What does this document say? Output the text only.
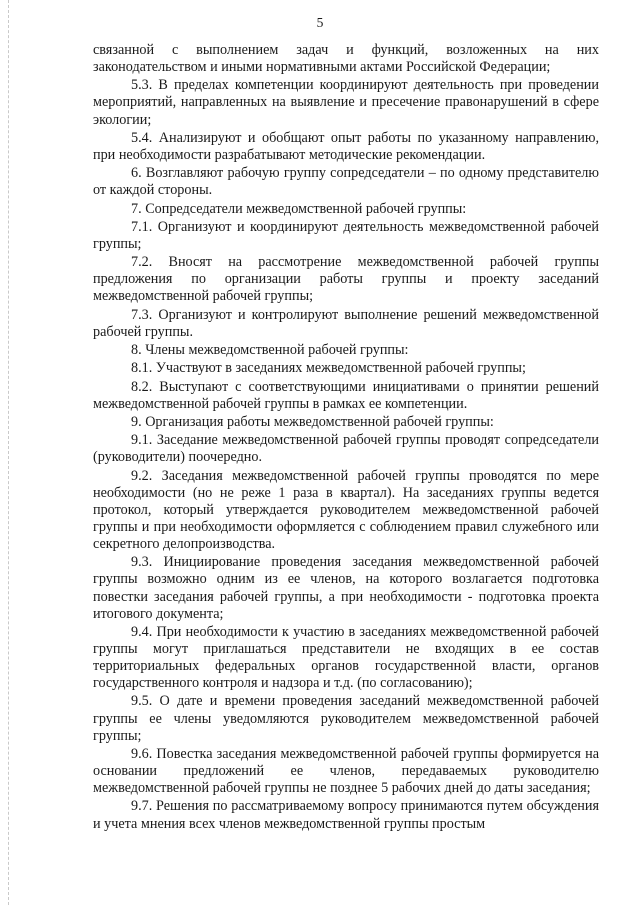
5

связанной с выполнением задач и функций, возложенных на них законодательством и иными нормативными актами Российской Федерации;

5.3. В пределах компетенции координируют деятельность при проведении мероприятий, направленных на выявление и пресечение правонарушений в сфере экологии;

5.4. Анализируют и обобщают опыт работы по указанному направлению, при необходимости разрабатывают методические рекомендации.

6. Возглавляют рабочую группу сопредседатели – по одному представителю от каждой стороны.

7. Сопредседатели межведомственной рабочей группы:

7.1. Организуют и координируют деятельность межведомственной рабочей группы;

7.2. Вносят на рассмотрение межведомственной рабочей группы предложения по организации работы группы и проекту заседаний межведомственной рабочей группы;

7.3. Организуют и контролируют выполнение решений межведомственной рабочей группы.

8. Члены межведомственной рабочей группы:

8.1. Участвуют в заседаниях межведомственной рабочей группы;

8.2. Выступают с соответствующими инициативами о принятии решений межведомственной рабочей группы в рамках ее компетенции.

9. Организация работы межведомственной рабочей группы:

9.1. Заседание межведомственной рабочей группы проводят сопредседатели (руководители) поочередно.

9.2. Заседания межведомственной рабочей группы проводятся по мере необходимости (но не реже 1 раза в квартал). На заседаниях группы ведется протокол, который утверждается руководителем межведомственной рабочей группы и при необходимости оформляется с соблюдением правил служебного или секретного делопроизводства.

9.3. Инициирование проведения заседания межведомственной рабочей группы возможно одним из ее членов, на которого возлагается подготовка повестки заседания рабочей группы, а при необходимости - подготовка проекта итогового документа;

9.4. При необходимости к участию в заседаниях межведомственной рабочей группы могут приглашаться представители не входящих в ее состав территориальных федеральных органов государственной власти, органов государственного контроля и надзора и т.д. (по согласованию);

9.5. О дате и времени проведения заседаний межведомственной рабочей группы ее члены уведомляются руководителем межведомственной рабочей группы;

9.6. Повестка заседания межведомственной рабочей группы формируется на основании предложений ее членов, передаваемых руководителю межведомственной рабочей группы не позднее 5 рабочих дней до даты заседания;

9.7. Решения по рассматриваемому вопросу принимаются путем обсуждения и учета мнения всех членов межведомственной группы простым
